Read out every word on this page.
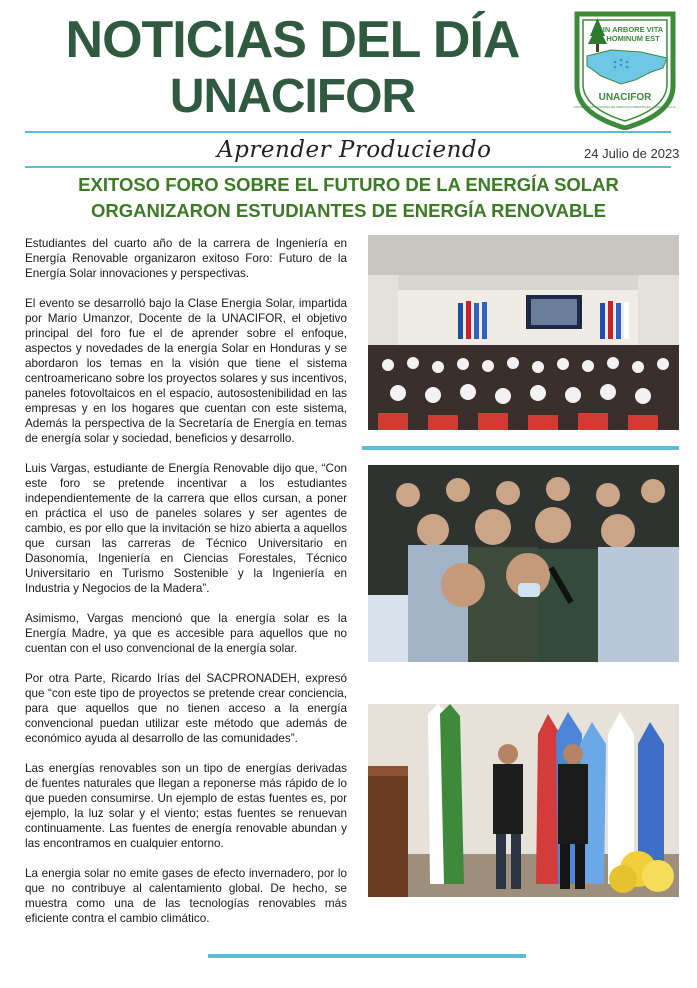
NOTICIAS DEL DÍA
UNACIFOR
IN ARBORE VITA
HOMINUM EST
UNACIFOR
UNIVERSIDAD NACIONAL DE CIENCIAS FORESTALES, HONDURAS C.A.
Aprender Produciendo	24 Julio de 2023
EXITOSO FORO SOBRE EL FUTURO DE LA ENERGÍA SOLAR
ORGANIZARON ESTUDIANTES DE ENERGÍA RENOVABLE

Estudiantes del cuarto año de la carrera de Ingeniería en Energía Renovable organizaron exitoso Foro: Futuro de la Energía Solar innovaciones y perspectivas.

El evento se desarrolló bajo la Clase Energia Solar, impartida por Mario Umanzor, Docente de la UNACIFOR, el objetivo principal del foro fue el de aprender sobre el enfoque, aspectos y novedades de la energía Solar en Honduras y se abordaron los temas en la visión que tiene el sistema centroamericano sobre los proyectos solares y sus incentivos, paneles fotovoltaicos en el espacio, autosostenibilidad en las empresas y en los hogares que cuentan con este sistema, Además la perspectiva de la Secretaría de Energía en temas de energía solar y sociedad, beneficios y desarrollo.

Luis Vargas, estudiante de Energía Renovable dijo que, “Con este foro se pretende incentivar a los estudiantes independientemente de la carrera que ellos cursan, a poner en práctica el uso de paneles solares y ser agentes de cambio, es por ello que la invitación se hizo abierta a aquellos que cursan las carreras de Técnico Universitario en Dasonomía, Ingeniería en Ciencias Forestales, Técnico Universitario en Turismo Sostenible y la Ingeniería en Industria y Negocios de la Madera”.

Asimismo, Vargas mencionó que la energía solar es la Energía Madre, ya que es accesible para aquellos que no cuentan con el uso convencional de la energía solar.

Por otra Parte, Ricardo Irías del SACPRONADEH, expresó que “con este tipo de proyectos se pretende crear conciencia, para que aquellos que no tienen acceso a la energía convencional puedan utilizar este método que además de económico ayuda al desarrollo de las comunidades”.

Las energías renovables son un tipo de energías derivadas de fuentes naturales que llegan a reponerse más rápido de lo que pueden consumirse. Un ejemplo de estas fuentes es, por ejemplo, la luz solar y el viento; estas fuentes se renuevan continuamente. Las fuentes de energía renovable abundan y las encontramos en cualquier entorno.

La energia solar no emite gases de efecto invernadero, por lo que no contribuye al calentamiento global. De hecho, se muestra como una de las tecnologías renovables más eficiente contra el cambio climático.
